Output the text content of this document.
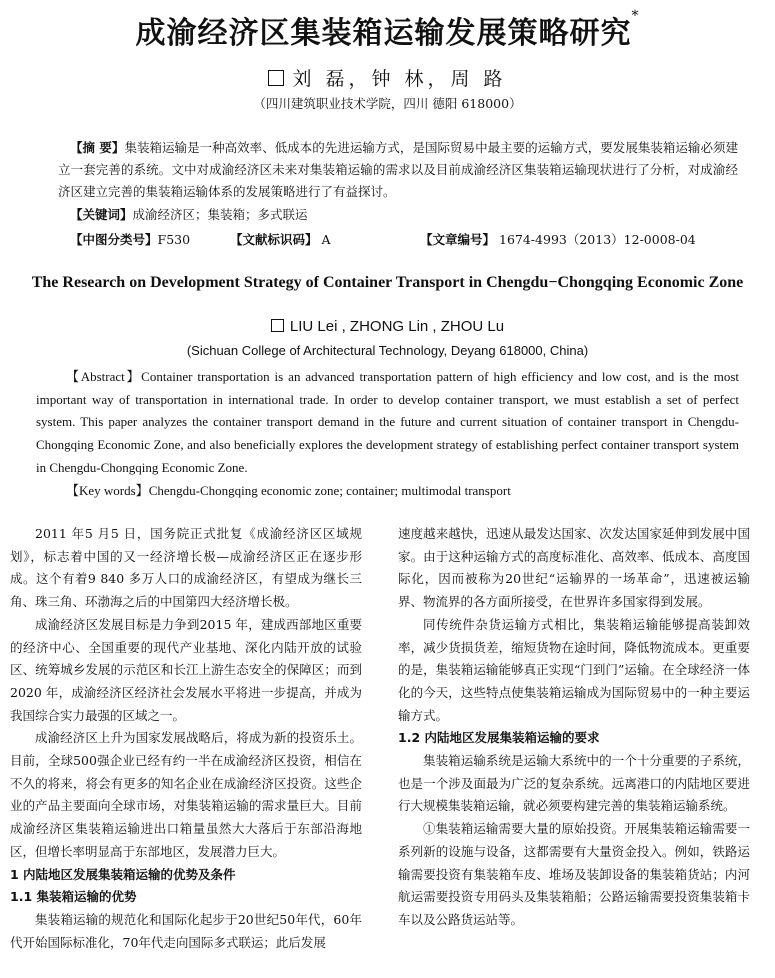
成渝经济区集装箱运输发展策略研究*
刘 磊，钟 林，周 路
（四川建筑职业技术学院，四川 德阳 618000）
【摘 要】集装箱运输是一种高效率、低成本的先进运输方式，是国际贸易中最主要的运输方式，要发展集装箱运输必须建立一套完善的系统。文中对成渝经济区未来对集装箱运输的需求以及目前成渝经济区集装箱运输现状进行了分析，对成渝经济区建立完善的集装箱运输体系的发展策略进行了有益探讨。
【关键词】成渝经济区；集装箱；多式联运
【中图分类号】F530	【文献标识码】 A	【文章编号】 1674-4993（2013）12-0008-04
The Research on Development Strategy of Container Transport in Chengdu−Chongqing Economic Zone
LIU Lei , ZHONG Lin , ZHOU Lu
(Sichuan College of Architectural Technology, Deyang 618000, China)
【Abstract】Container transportation is an advanced transportation pattern of high efficiency and low cost, and is the most important way of transportation in international trade. In order to develop container transport, we must establish a set of perfect system. This paper analyzes the container transport demand in the future and current situation of container transport in Chengdu-Chongqing Economic Zone, and also beneficially explores the development strategy of establishing perfect container transport system in Chengdu-Chongqing Economic Zone.
【Key words】Chengdu-Chongqing economic zone; container; multimodal transport

2011 年5 月5 日，国务院正式批复《成渝经济区区域规划》，标志着中国的又一经济增长极—成渝经济区正在逐步形成。这个有着9 840 多万人口的成渝经济区，有望成为继长三角、珠三角、环渤海之后的中国第四大经济增长极。

成渝经济区发展目标是力争到2015 年，建成西部地区重要的经济中心、全国重要的现代产业基地、深化内陆开放的试验区、统筹城乡发展的示范区和长江上游生态安全的保障区；而到2020 年，成渝经济区经济社会发展水平将进一步提高，并成为我国综合实力最强的区域之一。

成渝经济区上升为国家发展战略后，将成为新的投资乐土。目前，全球500强企业已经有约一半在成渝经济区投资，相信在不久的将来，将会有更多的知名企业在成渝经济区投资。这些企业的产品主要面向全球市场，对集装箱运输的需求量巨大。目前成渝经济区集装箱运输进出口箱量虽然大大落后于东部沿海地区，但增长率明显高于东部地区，发展潜力巨大。

1 内陆地区发展集装箱运输的优势及条件

1.1 集装箱运输的优势

集装箱运输的规范化和国际化起步于20世纪50年代，60年代开始国际标准化，70年代走向国际多式联运；此后发展

速度越来越快，迅速从最发达国家、次发达国家延伸到发展中国家。由于这种运输方式的高度标准化、高效率、低成本、高度国际化，因而被称为20世纪“运输界的一场革命”，迅速被运输界、物流界的各方面所接受，在世界许多国家得到发展。

同传统件杂货运输方式相比，集装箱运输能够提高装卸效率，减少货损货差，缩短货物在途时间，降低物流成本。更重要的是，集装箱运输能够真正实现“门到门”运输。在全球经济一体化的今天，这些特点使集装箱运输成为国际贸易中的一种主要运输方式。

1.2 内陆地区发展集装箱运输的要求

集装箱运输系统是运输大系统中的一个十分重要的子系统，也是一个涉及面最为广泛的复杂系统。远离港口的内陆地区要进行大规模集装箱运输，就必须要构建完善的集装箱运输系统。

①集装箱运输需要大量的原始投资。开展集装箱运输需要一系列新的设施与设备，这都需要有大量资金投入。例如，铁路运输需要投资有集装箱车皮、堆场及装卸设备的集装箱货站；内河航运需要投资专用码头及集装箱船；公路运输需要投资集装箱卡车以及公路货运站等。
